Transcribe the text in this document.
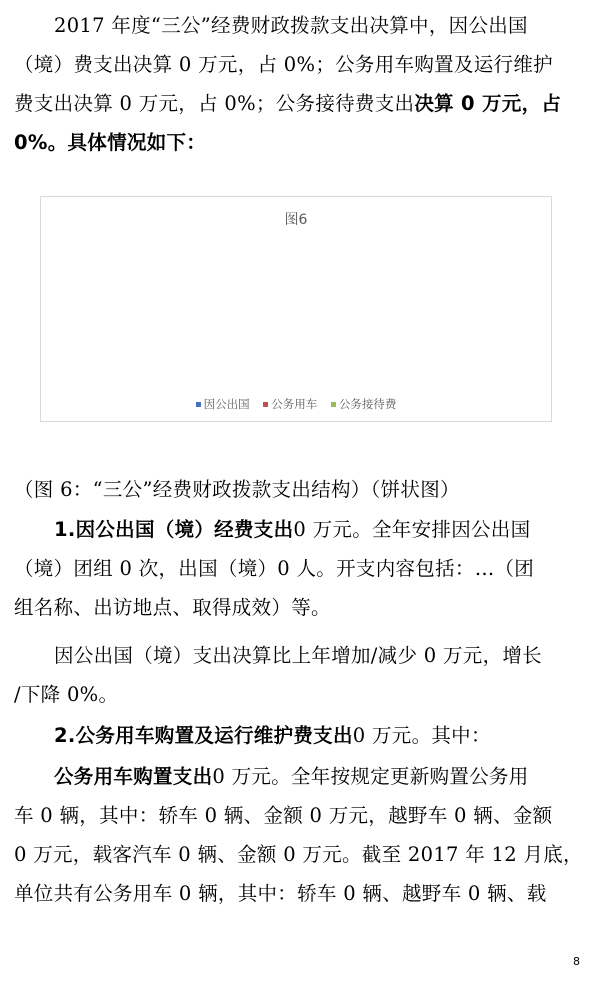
2017 年度“三公”经费财政拨款支出决算中，因公出国
（境）费支出决算 0 万元，占 0%；公务用车购置及运行维护
费支出决算 0 万元，占 0%；公务接待费支出决算 0 万元，占
0%。具体情况如下：
图6
因公出国 公务用车 公务接待费
（图 6：“三公”经费财政拨款支出结构）（饼状图）
1.因公出国（境）经费支出0 万元。全年安排因公出国
（境）团组 0 次，出国（境）0 人。开支内容包括：…（团
组名称、出访地点、取得成效）等。
因公出国（境）支出决算比上年增加/减少 0 万元，增长
/下降 0%。
2.公务用车购置及运行维护费支出0 万元。其中：
公务用车购置支出0 万元。全年按规定更新购置公务用
车 0 辆，其中：轿车 0 辆、金额 0 万元，越野车 0 辆、金额
0 万元，载客汽车 0 辆、金额 0 万元。截至 2017 年 12 月底，
单位共有公务用车 0 辆，其中：轿车 0 辆、越野车 0 辆、载
8
